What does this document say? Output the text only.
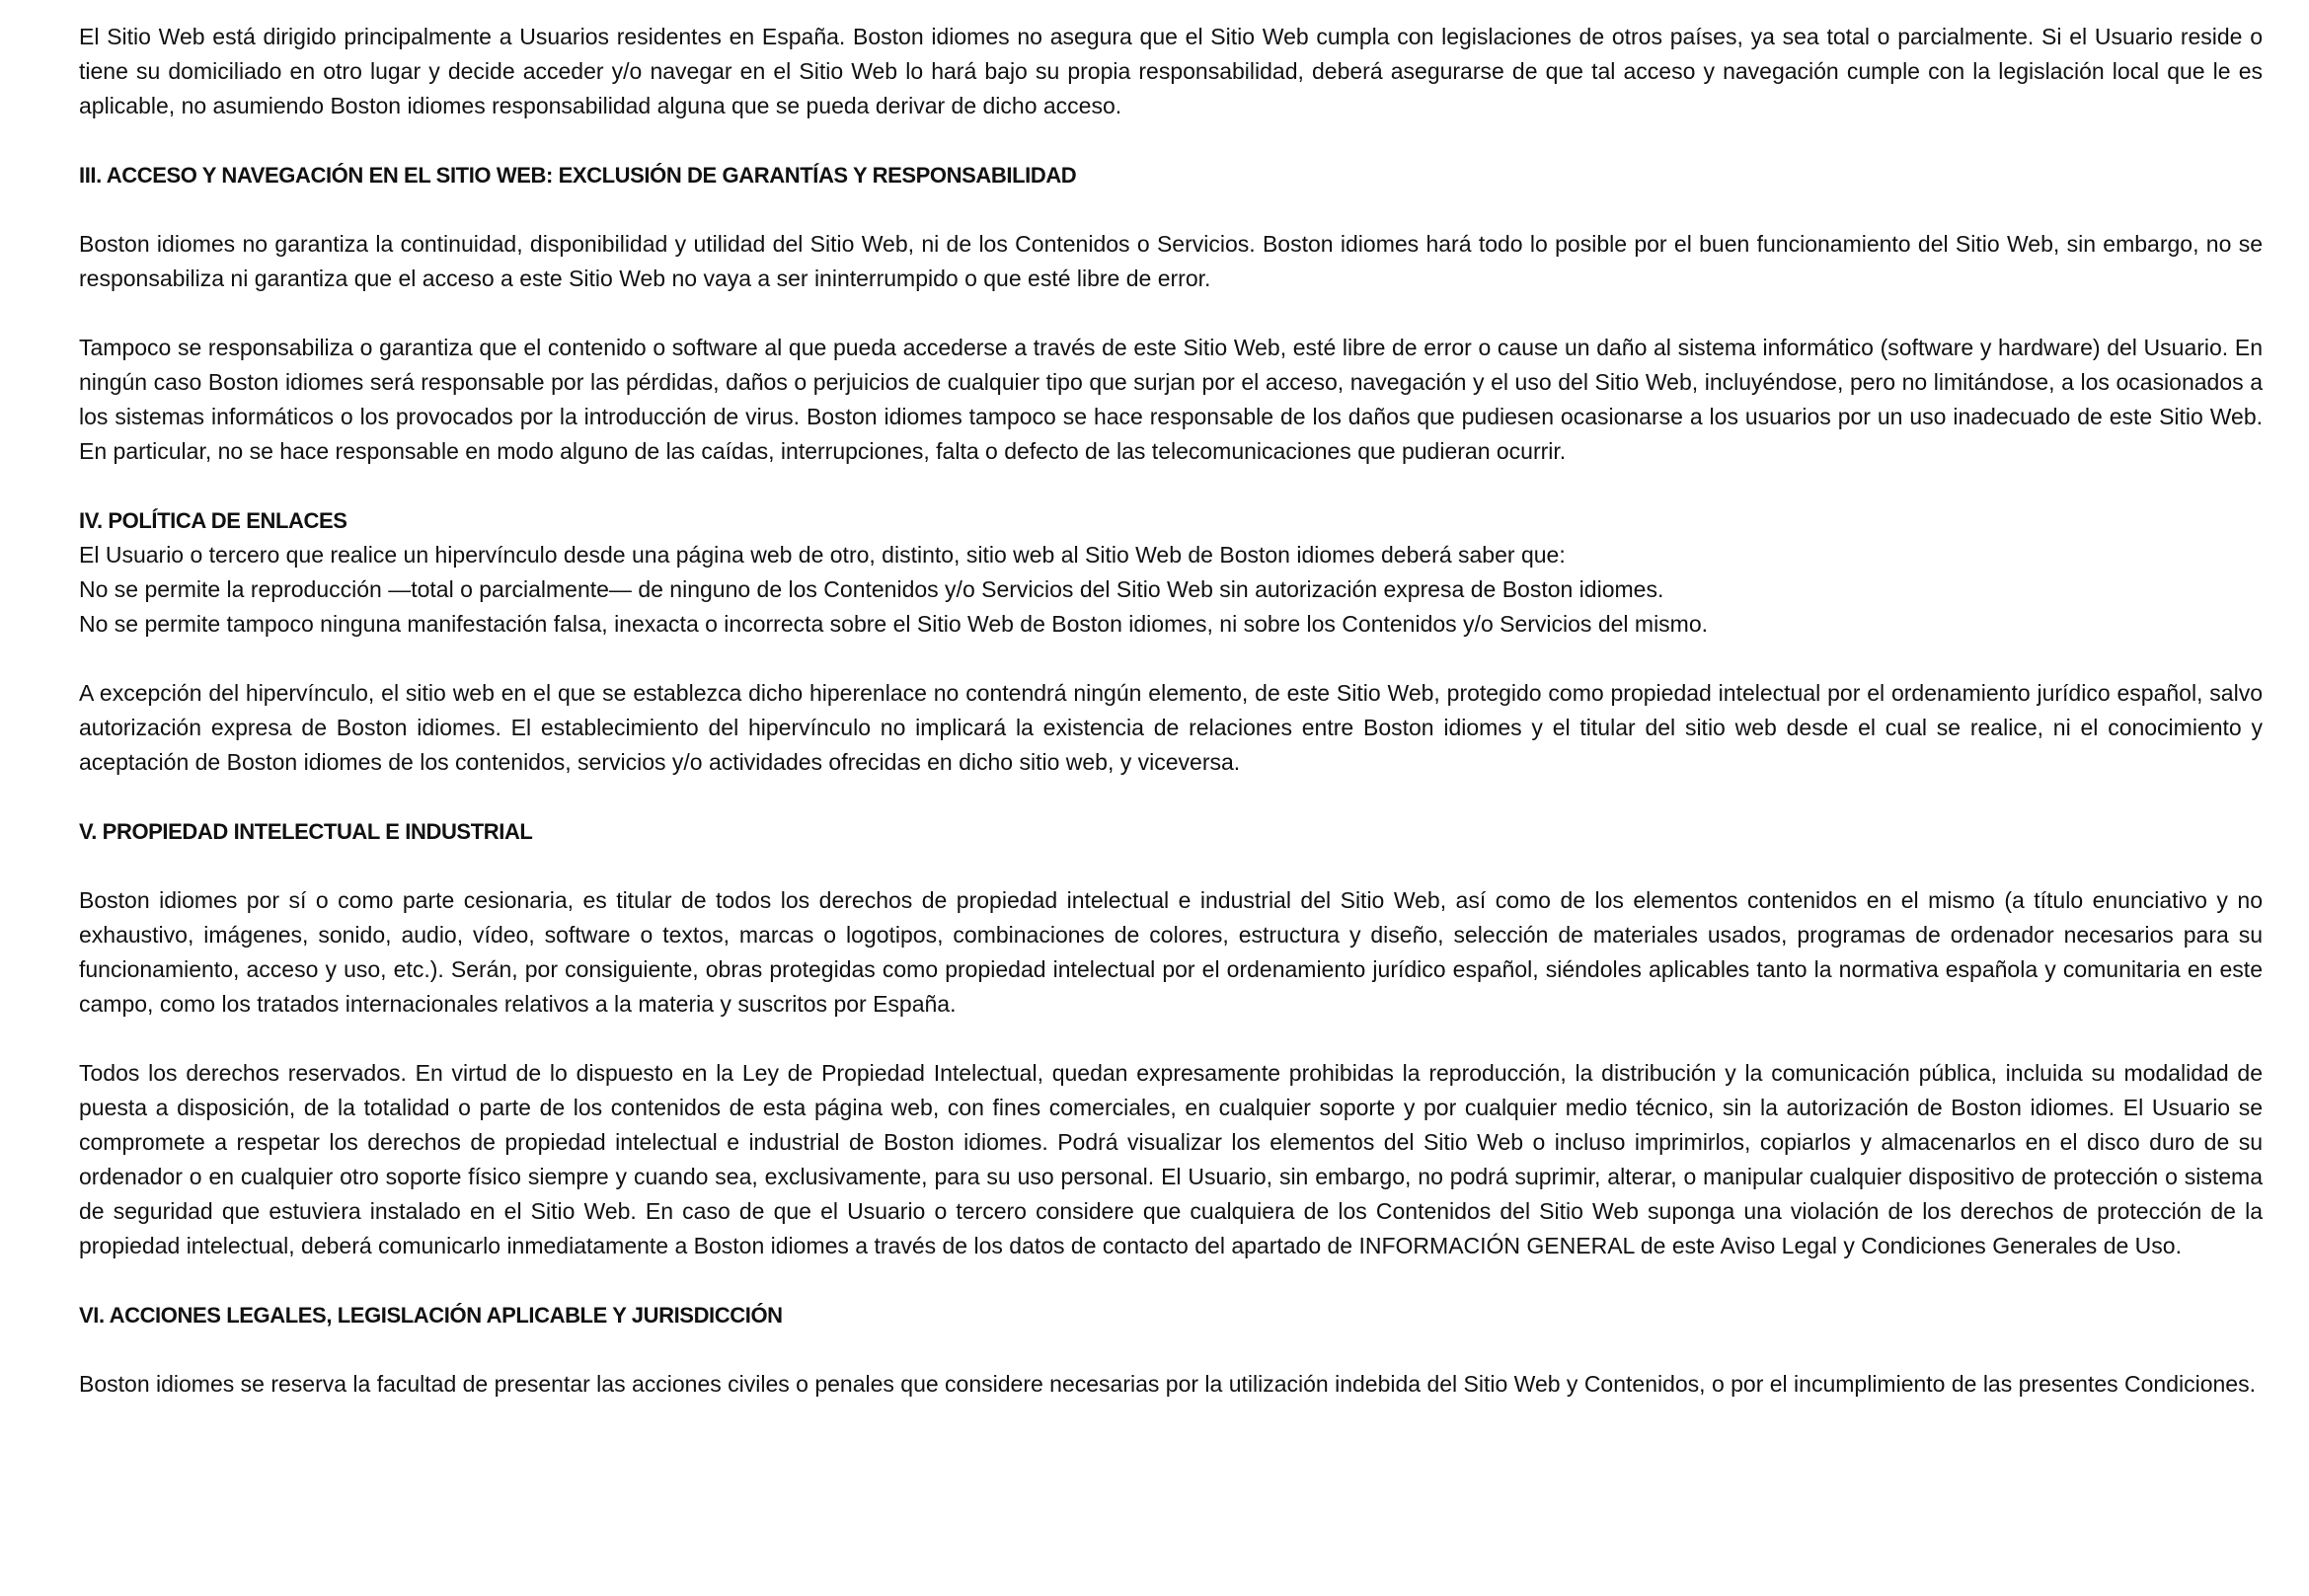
El Sitio Web está dirigido principalmente a Usuarios residentes en España. Boston idiomes no asegura que el Sitio Web cumpla con legislaciones de otros países, ya sea total o parcialmente. Si el Usuario reside o tiene su domiciliado en otro lugar y decide acceder y/o navegar en el Sitio Web lo hará bajo su propia responsabilidad, deberá asegurarse de que tal acceso y navegación cumple con la legislación local que le es aplicable, no asumiendo Boston idiomes responsabilidad alguna que se pueda derivar de dicho acceso.

III. ACCESO Y NAVEGACIÓN EN EL SITIO WEB: EXCLUSIÓN DE GARANTÍAS Y RESPONSABILIDAD

Boston idiomes no garantiza la continuidad, disponibilidad y utilidad del Sitio Web, ni de los Contenidos o Servicios. Boston idiomes hará todo lo posible por el buen funcionamiento del Sitio Web, sin embargo, no se responsabiliza ni garantiza que el acceso a este Sitio Web no vaya a ser ininterrumpido o que esté libre de error.

Tampoco se responsabiliza o garantiza que el contenido o software al que pueda accederse a través de este Sitio Web, esté libre de error o cause un daño al sistema informático (software y hardware) del Usuario. En ningún caso Boston idiomes será responsable por las pérdidas, daños o perjuicios de cualquier tipo que surjan por el acceso, navegación y el uso del Sitio Web, incluyéndose, pero no limitándose, a los ocasionados a los sistemas informáticos o los provocados por la introducción de virus. Boston idiomes tampoco se hace responsable de los daños que pudiesen ocasionarse a los usuarios por un uso inadecuado de este Sitio Web. En particular, no se hace responsable en modo alguno de las caídas, interrupciones, falta o defecto de las telecomunicaciones que pudieran ocurrir.

IV. POLÍTICA DE ENLACES

El Usuario o tercero que realice un hipervínculo desde una página web de otro, distinto, sitio web al Sitio Web de Boston idiomes deberá saber que:

No se permite la reproducción —total o parcialmente— de ninguno de los Contenidos y/o Servicios del Sitio Web sin autorización expresa de Boston idiomes.

No se permite tampoco ninguna manifestación falsa, inexacta o incorrecta sobre el Sitio Web de Boston idiomes, ni sobre los Contenidos y/o Servicios del mismo.

A excepción del hipervínculo, el sitio web en el que se establezca dicho hiperenlace no contendrá ningún elemento, de este Sitio Web, protegido como propiedad intelectual por el ordenamiento jurídico español, salvo autorización expresa de Boston idiomes. El establecimiento del hipervínculo no implicará la existencia de relaciones entre Boston idiomes y el titular del sitio web desde el cual se realice, ni el conocimiento y aceptación de Boston idiomes de los contenidos, servicios y/o actividades ofrecidas en dicho sitio web, y viceversa.

V. PROPIEDAD INTELECTUAL E INDUSTRIAL

Boston idiomes por sí o como parte cesionaria, es titular de todos los derechos de propiedad intelectual e industrial del Sitio Web, así como de los elementos contenidos en el mismo (a título enunciativo y no exhaustivo, imágenes, sonido, audio, vídeo, software o textos, marcas o logotipos, combinaciones de colores, estructura y diseño, selección de materiales usados, programas de ordenador necesarios para su funcionamiento, acceso y uso, etc.). Serán, por consiguiente, obras protegidas como propiedad intelectual por el ordenamiento jurídico español, siéndoles aplicables tanto la normativa española y comunitaria en este campo, como los tratados internacionales relativos a la materia y suscritos por España.

Todos los derechos reservados. En virtud de lo dispuesto en la Ley de Propiedad Intelectual, quedan expresamente prohibidas la reproducción, la distribución y la comunicación pública, incluida su modalidad de puesta a disposición, de la totalidad o parte de los contenidos de esta página web, con fines comerciales, en cualquier soporte y por cualquier medio técnico, sin la autorización de Boston idiomes. El Usuario se compromete a respetar los derechos de propiedad intelectual e industrial de Boston idiomes. Podrá visualizar los elementos del Sitio Web o incluso imprimirlos, copiarlos y almacenarlos en el disco duro de su ordenador o en cualquier otro soporte físico siempre y cuando sea, exclusivamente, para su uso personal. El Usuario, sin embargo, no podrá suprimir, alterar, o manipular cualquier dispositivo de protección o sistema de seguridad que estuviera instalado en el Sitio Web. En caso de que el Usuario o tercero considere que cualquiera de los Contenidos del Sitio Web suponga una violación de los derechos de protección de la propiedad intelectual, deberá comunicarlo inmediatamente a Boston idiomes a través de los datos de contacto del apartado de INFORMACIÓN GENERAL de este Aviso Legal y Condiciones Generales de Uso.

VI. ACCIONES LEGALES, LEGISLACIÓN APLICABLE Y JURISDICCIÓN

Boston idiomes se reserva la facultad de presentar las acciones civiles o penales que considere necesarias por la utilización indebida del Sitio Web y Contenidos, o por el incumplimiento de las presentes Condiciones.
